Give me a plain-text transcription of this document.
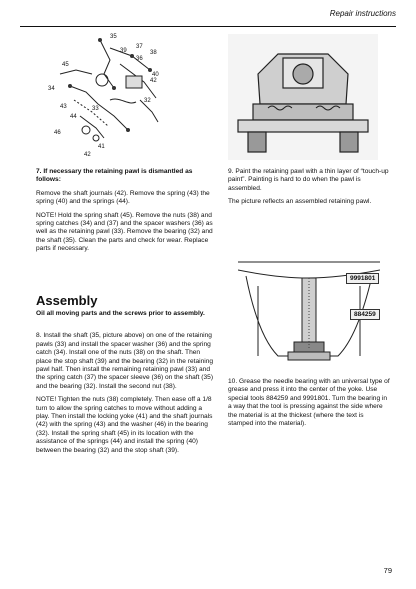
Repair instructions
35
37
38
36
39
45
40
34
33
32
43
44
46
41
42
42

7. If necessary the retaining pawl is dismantled as follows:

Remove the shaft journals (42). Remove the spring (43) the spring (40) and the springs (44).

NOTE! Hold the spring shaft (45). Remove the nuts (38) and spring catches (34) and (37) and the spacer washers (36) as well as the retaining pawl (33). Remove the bearing (32) and the shaft (35). Clean the parts and check for wear. Replace parts if necessary.

Assembly

Oil all moving parts and the screws prior to assembly.

8. Install the shaft (35, picture above) on one of the retaining pawls (33) and install the spacer washer (36) and the spring catch (34). Install one of the nuts (38) on the shaft. Then place the stop shaft (39) and the bearing (32) in the retaining pawl half. Then install the remaining retaining pawl (33) and the spring catch (37) the spacer sleeve (36) on the shaft (35) and the bearing (32). Install the second nut (38).

NOTE! Tighten the nuts (38) completely. Then ease off a 1/8 turn to allow the spring catches to move without adding a play. Then install the locking yoke (41) and the shaft journals (42) with the spring (43) and the washer (46) in the bearing (32). Install the spring shaft (45) in its location with the assistance of the springs (44) and install the spring (40) between the bearing (32) and the stop shaft (39).

9. Paint the retaining pawl with a thin layer of “touch-up paint”. Painting is hard to do when the pawl is assembled.

The picture reflects an assembled retaining pawl.

9991801
884259

10. Grease the needle bearing with an universal type of grease and press it into the center of the yoke. Use special tools 884259 and 9991801. Turn the bearing in a way that the tool is pressing against the side where the material is at the thickest (where the text is stamped into the material).

79
